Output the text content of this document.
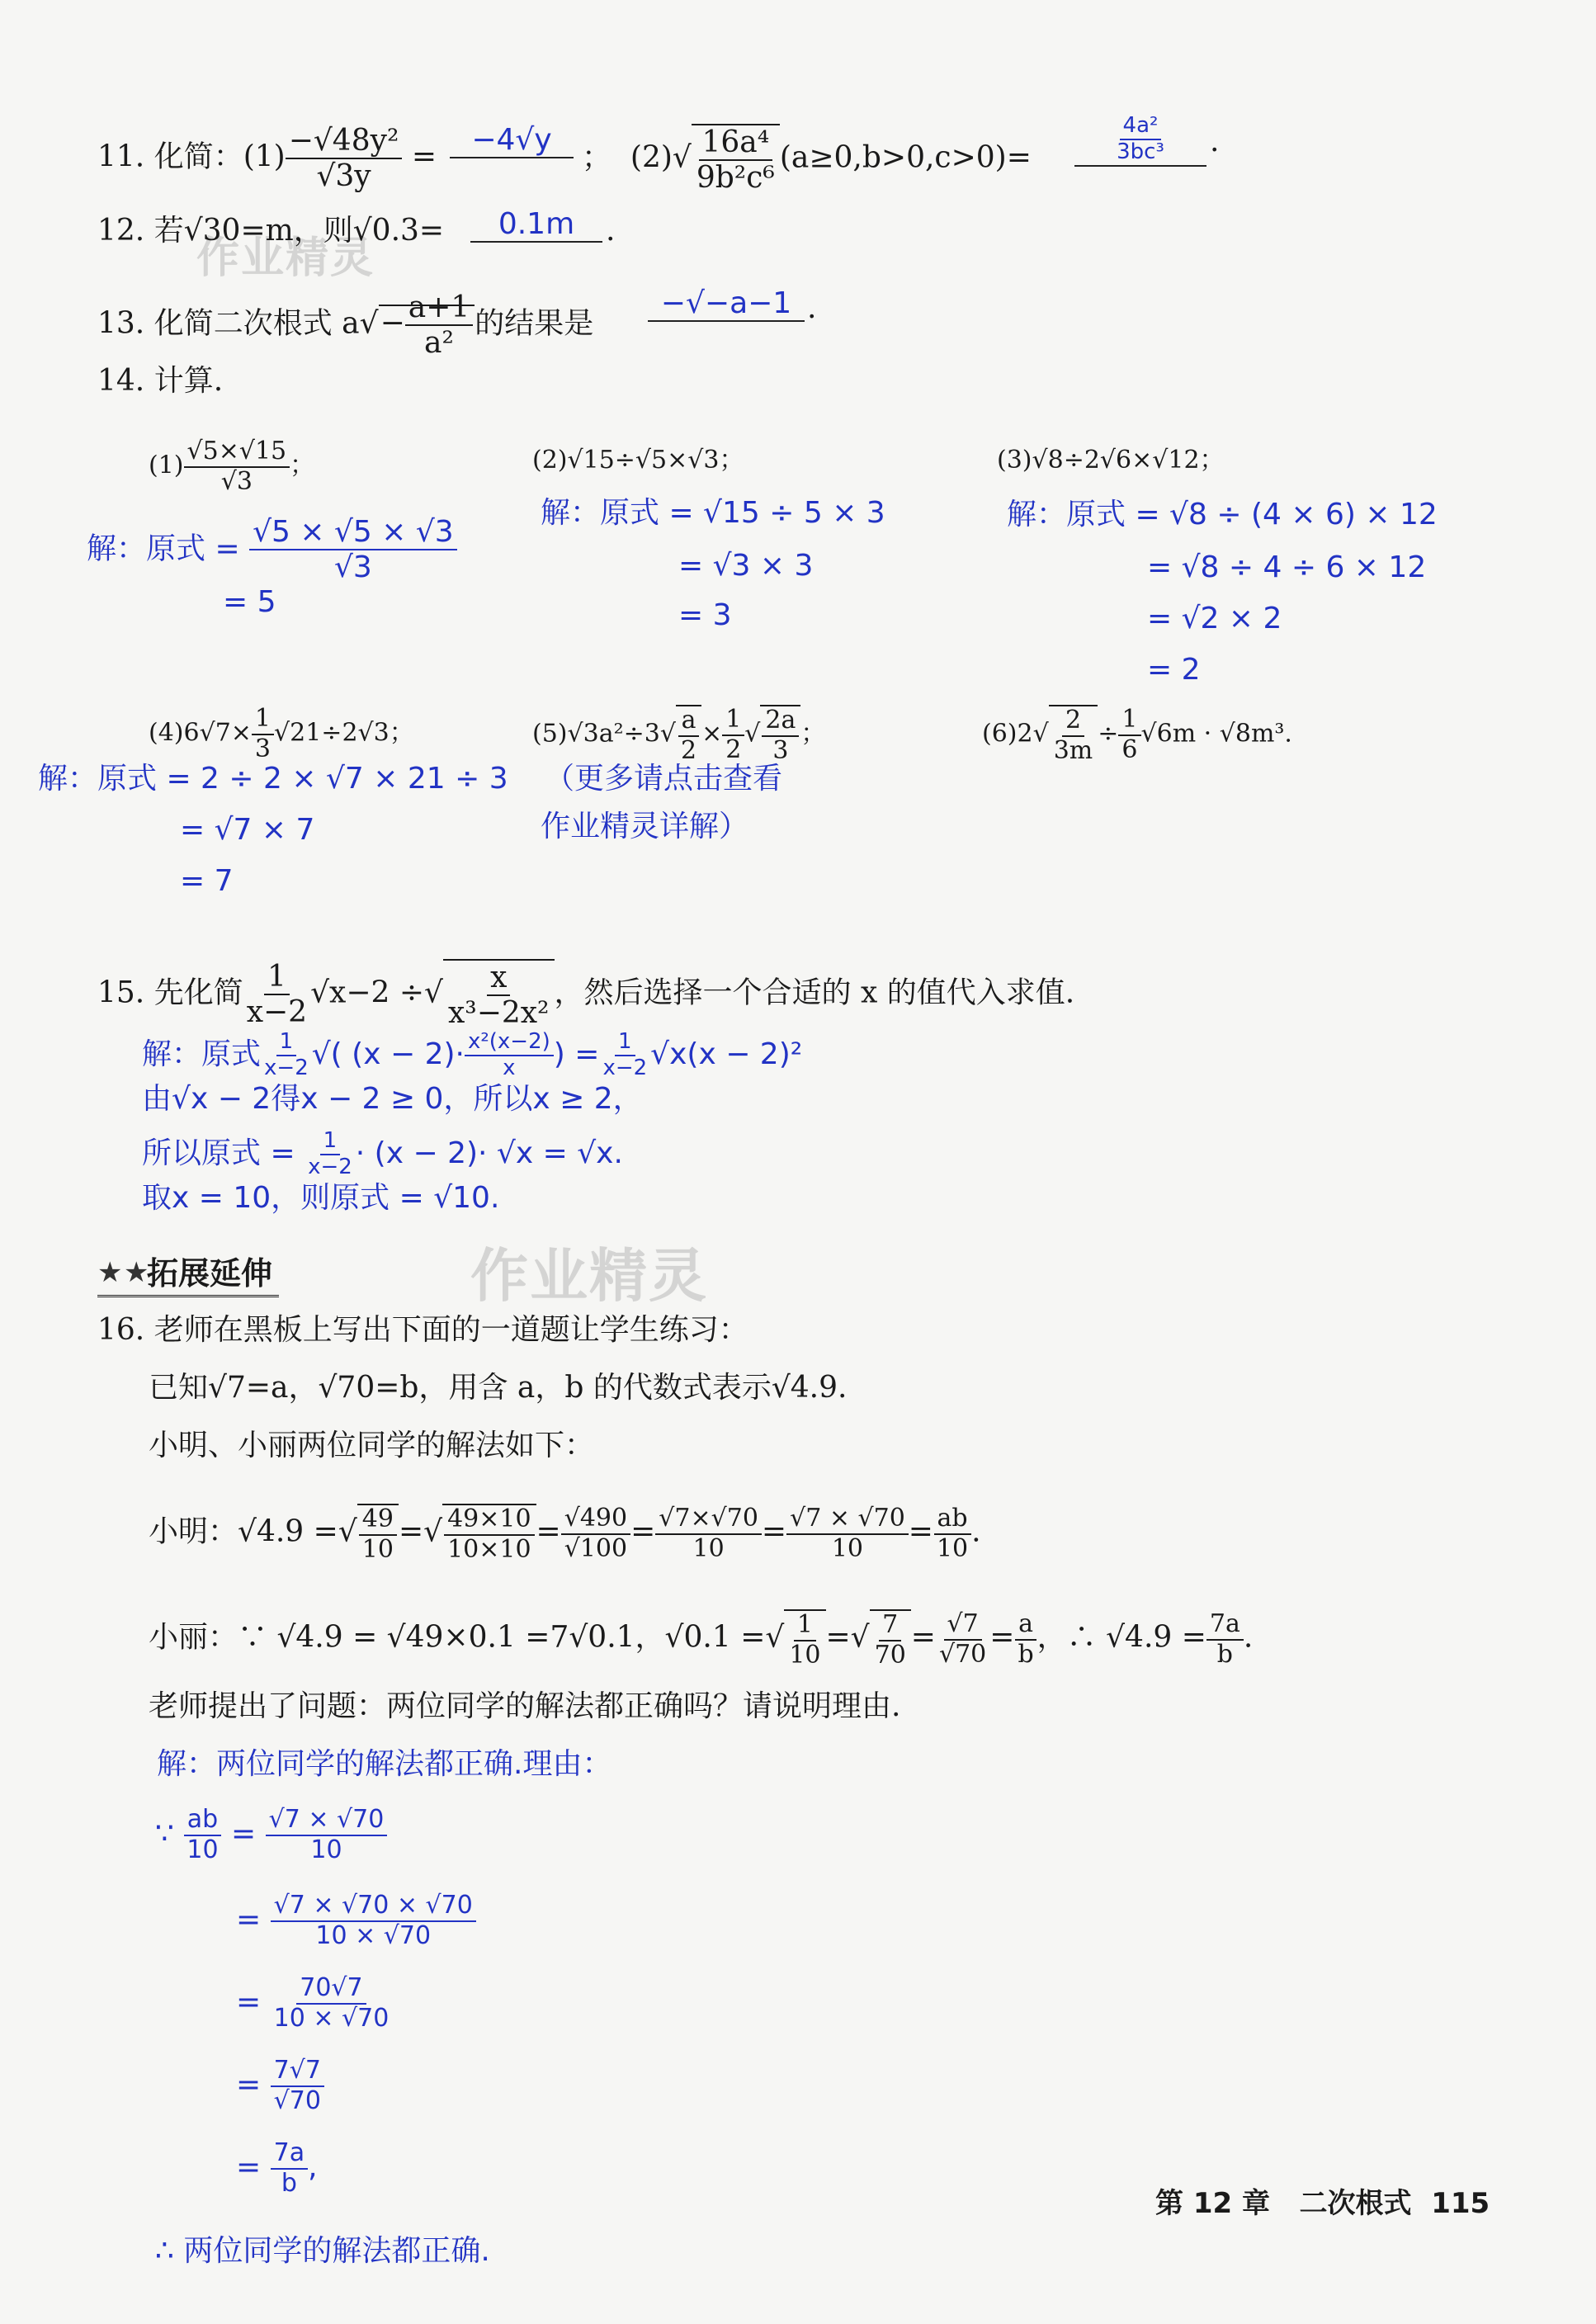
作业精灵
作业精灵
11. 化简：$(1) \frac{\text{−√48y²}}{√3y}$ =	−4√y
； $(2)√ \frac{\text{16a⁴}}{\text{9b²c⁶}} (a\ge 0,b>0,c>0)=$	$\frac{\text{4a²}}{\text{3bc³}}$ .
12. 若√30=m，则√0.3=	0.1m	.
13. 化简二次根式 $a√- \frac{a+1}{\text{a²}}$ 的结果是
−√−a−1 .
14. 计算.
$(1) \frac{√5\times√15}{√3}$ ；
解：原式 = $\frac{√5 \times √5 \times √3}{√3}$
= 5
(2)√15÷√5×√3；
解：原式 = √15 ÷ 5 × 3
= √3 × 3
= 3
(3)√8÷2√6×√12；
解：原式 = √8 ÷ (4 × 6) × 12
= √8 ÷ 4 ÷ 6 × 12
= √2 × 2
= 2
$(4)6√7\times \frac{1}{3} √21\div 2√3$；
解：原式 = 2 ÷ 2 × √7 × 21 ÷ 3
= √7 × 7
= 7
$(5)√3a^2\div 3√ \frac{a}{2} \times \frac{1}{2}$ √ $\frac{2a}{3}$ ；
（更多请点击查看
作业精灵详解）
$(6)2√ \frac{2}{3m} \div \frac{1}{6} √6m \cdot √8m^3$.
15. 先化简 $\frac{1}{x-2} √x-2$ ÷√ $\frac{x}{\text{x³−2x²}}$ ，然后选择一个合适的 x 的值代入求值.
解：原式 $\frac{1}{x-2}$ √( $(x - 2)\cdot \frac{\text{x²(x−2)}}{x}$ ) = $\frac{1}{x-2} √x(x - 2)^2$
由√x − 2得x − 2 ≥ 0，所以x ≥ 2，
所以原式 = $\frac{1}{x-2} \cdot (x - 2)\cdot √x = √x$.
取x = 10，则原式 = √10.
★ ★
拓展延伸
16. 老师在黑板上写出下面的一道题让学生练习：
已知√7=a，√70=b，用含 a，b 的代数式表示√4.9.
小明、小丽两位同学的解法如下：
小明：√4.9 =√ $\frac{49}{10}$ =√ $\frac{49\times 10}{10\times 10} = \frac{√490}{√100} = \frac{√7\times√70}{10} = \frac{√7 \times √70}{10} = \frac{ab}{10}$ .
小丽：∵ √4.9 = √49×0.1 =7√0.1，√0.1 =√ $\frac{1}{10}$ =√ $\frac{7}{70} = \frac{√7}{√70} = \frac{a}{b}$ ，∴ $√4.9 = \frac{7a}{b}$ .
老师提出了问题：两位同学的解法都正确吗？请说明理由.
解：两位同学的解法都正确.理由：
∵ $\frac{ab}{10} = \frac{√7 \times √70}{10}$
= $\frac{√7 \times √70 \times √70}{10 \times √70}$
= $\frac{70√7}{10 \times √70}$
= $\frac{7√7}{√70}$
= $\frac{7a}{b}$ ,
∴ 两位同学的解法都正确.
第 12 章 二次根式 115
